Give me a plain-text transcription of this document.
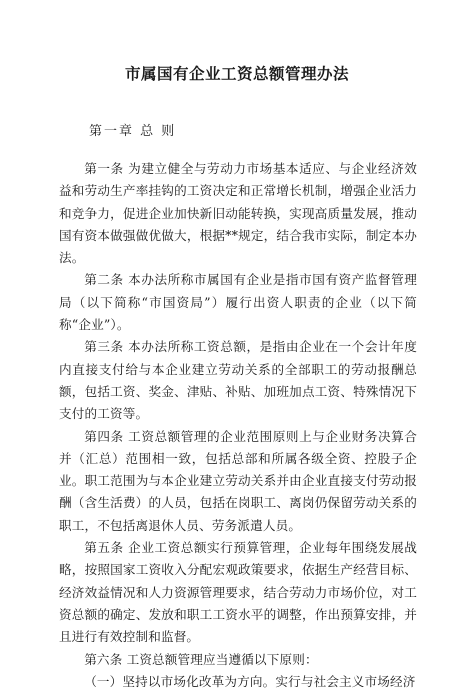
市属国有企业工资总额管理办法
第一章 总 则

第一条 为建立健全与劳动力市场基本适应、与企业经济效益和劳动生产率挂钩的工资决定和正常增长机制，增强企业活力和竞争力，促进企业加快新旧动能转换，实现高质量发展，推动国有资本做强做优做大，根据**规定，结合我市实际，制定本办法。

第二条 本办法所称市属国有企业是指市国有资产监督管理局（以下简称“市国资局”）履行出资人职责的企业（以下简称“企业”）。

第三条 本办法所称工资总额，是指由企业在一个会计年度内直接支付给与本企业建立劳动关系的全部职工的劳动报酬总额，包括工资、奖金、津贴、补贴、加班加点工资、特殊情况下支付的工资等。

第四条 工资总额管理的企业范围原则上与企业财务决算合并（汇总）范围相一致，包括总部和所属各级全资、控股子企业。职工范围为与本企业建立劳动关系并由企业直接支付劳动报酬（含生活费）的人员，包括在岗职工、离岗仍保留劳动关系的职工，不包括离退休人员、劳务派遣人员。

第五条 企业工资总额实行预算管理，企业每年围绕发展战略，按照国家工资收入分配宏观政策要求，依据生产经营目标、经济效益情况和人力资源管理要求，结合劳动力市场价位，对工资总额的确定、发放和职工工资水平的调整，作出预算安排，并且进行有效控制和监督。

第六条 工资总额管理应当遵循以下原则：

（一）坚持以市场化改革为方向。实行与社会主义市场经济
